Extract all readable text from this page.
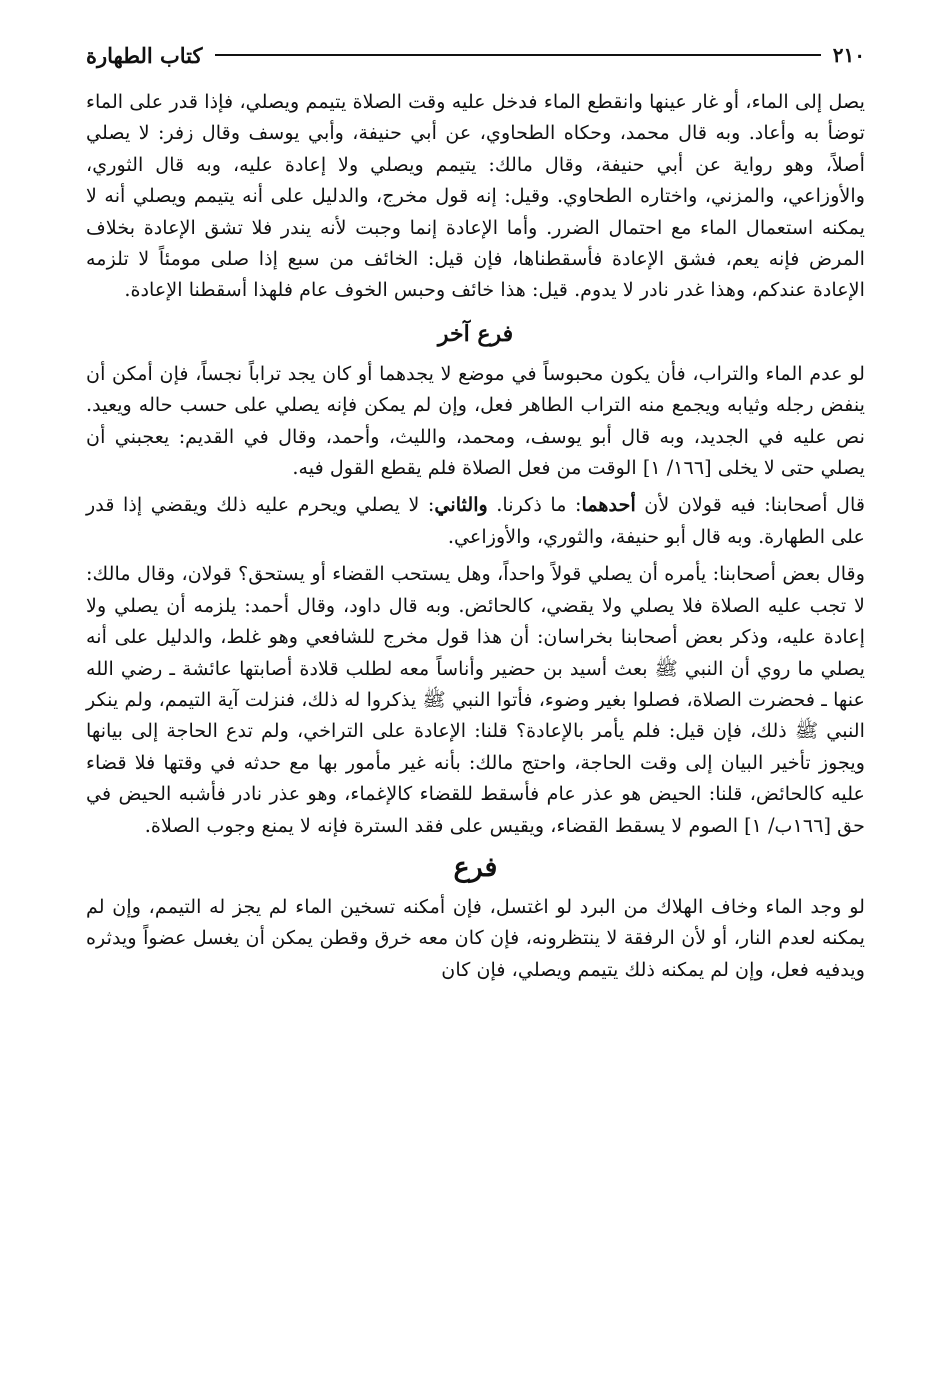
٢١٠
كتاب الطهارة

يصل إلى الماء، أو غار عينها وانقطع الماء فدخل عليه وقت الصلاة يتيمم ويصلي، فإذا قدر على الماء توضأ به وأعاد. وبه قال محمد، وحكاه الطحاوي، عن أبي حنيفة، وأبي يوسف وقال زفر: لا يصلي أصلاً، وهو رواية عن أبي حنيفة، وقال مالك: يتيمم ويصلي ولا إعادة عليه، وبه قال الثوري، والأوزاعي، والمزني، واختاره الطحاوي. وقيل: إنه قول مخرج، والدليل على أنه يتيمم ويصلي أنه لا يمكنه استعمال الماء مع احتمال الضرر. وأما الإعادة إنما وجبت لأنه يندر فلا تشق الإعادة بخلاف المرض فإنه يعم، فشق الإعادة فأسقطناها، فإن قيل: الخائف من سبع إذا صلى مومئاً لا تلزمه الإعادة عندكم، وهذا غدر نادر لا يدوم. قيل: هذا خائف وحبس الخوف عام فلهذا أسقطنا الإعادة.

فرع آخر

لو عدم الماء والتراب، فأن يكون محبوساً في موضع لا يجدهما أو كان يجد تراباً نجساً، فإن أمكن أن ينفض رجله وثيابه ويجمع منه التراب الطاهر فعل، وإن لم يمكن فإنه يصلي على حسب حاله ويعيد. نص عليه في الجديد، وبه قال أبو يوسف، ومحمد، والليث، وأحمد، وقال في القديم: يعجبني أن يصلي حتى لا يخلى [١٦٦/ ١] الوقت من فعل الصلاة فلم يقطع القول فيه.

قال أصحابنا: فيه قولان لأن أحدهما: ما ذكرنا. والثاني: لا يصلي ويحرم عليه ذلك ويقضي إذا قدر على الطهارة. وبه قال أبو حنيفة، والثوري، والأوزاعي.

وقال بعض أصحابنا: يأمره أن يصلي قولاً واحداً، وهل يستحب القضاء أو يستحق؟ قولان، وقال مالك: لا تجب عليه الصلاة فلا يصلي ولا يقضي، كالحائض. وبه قال داود، وقال أحمد: يلزمه أن يصلي ولا إعادة عليه، وذكر بعض أصحابنا بخراسان: أن هذا قول مخرج للشافعي وهو غلط، والدليل على أنه يصلي ما روي أن النبي ﷺ بعث أسيد بن حضير وأناساً معه لطلب قلادة أصابتها عائشة ـ رضي الله عنها ـ فحضرت الصلاة، فصلوا بغير وضوء، فأتوا النبي ﷺ يذكروا له ذلك، فنزلت آية التيمم، ولم ينكر النبي ﷺ ذلك، فإن قيل: فلم يأمر بالإعادة؟ قلنا: الإعادة على التراخي، ولم تدع الحاجة إلى بيانها ويجوز تأخير البيان إلى وقت الحاجة، واحتج مالك: بأنه غير مأمور بها مع حدثه في وقتها فلا قضاء عليه كالحائض، قلنا: الحيض هو عذر عام فأسقط للقضاء كالإغماء، وهو عذر نادر فأشبه الحيض في حق [١٦٦ب/ ١] الصوم لا يسقط القضاء، ويقيس على فقد السترة فإنه لا يمنع وجوب الصلاة.

فرع

لو وجد الماء وخاف الهلاك من البرد لو اغتسل، فإن أمكنه تسخين الماء لم يجز له التيمم، وإن لم يمكنه لعدم النار، أو لأن الرفقة لا ينتظرونه، فإن كان معه خرق وقطن يمكن أن يغسل عضواً ويدثره ويدفيه فعل، وإن لم يمكنه ذلك يتيمم ويصلي، فإن كان
